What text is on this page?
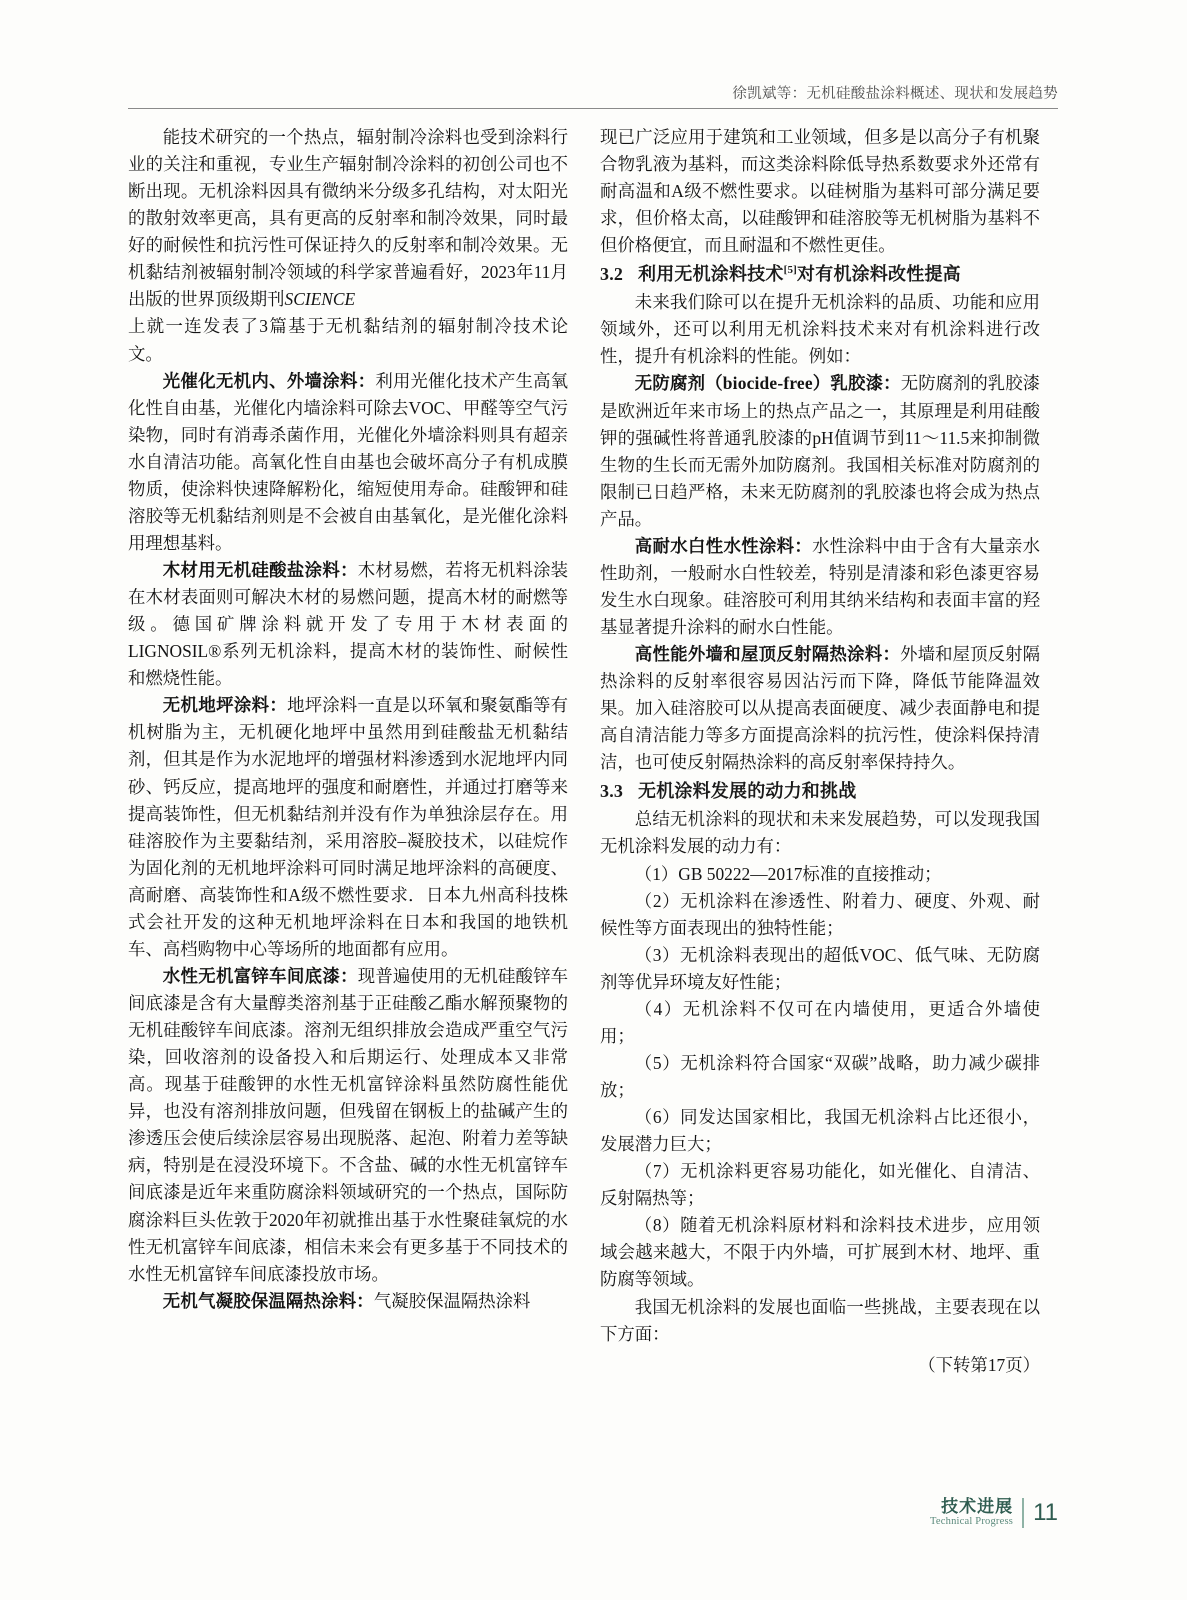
徐凯斌等：无机硅酸盐涂料概述、现状和发展趋势

能技术研究的一个热点，辐射制冷涂料也受到涂料行业的关注和重视，专业生产辐射制冷涂料的初创公司也不断出现。无机涂料因具有微纳米分级多孔结构，对太阳光的散射效率更高，具有更高的反射率和制冷效果，同时最好的耐候性和抗污性可保证持久的反射率和制冷效果。无机黏结剂被辐射制冷领域的科学家普遍看好，2023年11月出版的世界顶级期刊SCIENCE

上就一连发表了3篇基于无机黏结剂的辐射制冷技术论文。

光催化无机内、外墙涂料：利用光催化技术产生高氧化性自由基，光催化内墙涂料可除去VOC、甲醛等空气污染物，同时有消毒杀菌作用，光催化外墙涂料则具有超亲水自清洁功能。高氧化性自由基也会破坏高分子有机成膜物质，使涂料快速降解粉化，缩短使用寿命。硅酸钾和硅溶胶等无机黏结剂则是不会被自由基氧化，是光催化涂料用理想基料。

木材用无机硅酸盐涂料：木材易燃，若将无机料涂装在木材表面则可解决木材的易燃问题，提高木材的耐燃等级。德国矿牌涂料就开发了专用于木材表面的LIGNOSIL®系列无机涂料，提高木材的装饰性、耐候性和燃烧性能。

无机地坪涂料：地坪涂料一直是以环氧和聚氨酯等有机树脂为主，无机硬化地坪中虽然用到硅酸盐无机黏结剂，但其是作为水泥地坪的增强材料渗透到水泥地坪内同砂、钙反应，提高地坪的强度和耐磨性，并通过打磨等来提高装饰性，但无机黏结剂并没有作为单独涂层存在。用硅溶胶作为主要黏结剂，采用溶胶–凝胶技术，以硅烷作为固化剂的无机地坪涂料可同时满足地坪涂料的高硬度、高耐磨、高装饰性和A级不燃性要求．日本九州高科技株式会社开发的这种无机地坪涂料在日本和我国的地铁机车、高档购物中心等场所的地面都有应用。

水性无机富锌车间底漆：现普遍使用的无机硅酸锌车间底漆是含有大量醇类溶剂基于正硅酸乙酯水解预聚物的无机硅酸锌车间底漆。溶剂无组织排放会造成严重空气污染，回收溶剂的设备投入和后期运行、处理成本又非常高。现基于硅酸钾的水性无机富锌涂料虽然防腐性能优异，也没有溶剂排放问题，但残留在钢板上的盐碱产生的渗透压会使后续涂层容易出现脱落、起泡、附着力差等缺病，特别是在浸没环境下。不含盐、碱的水性无机富锌车间底漆是近年来重防腐涂料领域研究的一个热点，国际防腐涂料巨头佐敦于2020年初就推出基于水性聚硅氧烷的水性无机富锌车间底漆，相信未来会有更多基于不同技术的水性无机富锌车间底漆投放市场。

无机气凝胶保温隔热涂料：气凝胶保温隔热涂料

现已广泛应用于建筑和工业领域，但多是以高分子有机聚合物乳液为基料，而这类涂料除低导热系数要求外还常有耐高温和A级不燃性要求。以硅树脂为基料可部分满足要求，但价格太高，以硅酸钾和硅溶胶等无机树脂为基料不但价格便宜，而且耐温和不燃性更佳。

3.2 利用无机涂料技术[5]对有机涂料改性提高

未来我们除可以在提升无机涂料的品质、功能和应用领域外，还可以利用无机涂料技术来对有机涂料进行改性，提升有机涂料的性能。例如：

无防腐剂（biocide-free）乳胶漆：无防腐剂的乳胶漆是欧洲近年来市场上的热点产品之一，其原理是利用硅酸钾的强碱性将普通乳胶漆的pH值调节到11～11.5来抑制微生物的生长而无需外加防腐剂。我国相关标准对防腐剂的限制已日趋严格，未来无防腐剂的乳胶漆也将会成为热点产品。

高耐水白性水性涂料：水性涂料中由于含有大量亲水性助剂，一般耐水白性较差，特别是清漆和彩色漆更容易发生水白现象。硅溶胶可利用其纳米结构和表面丰富的羟基显著提升涂料的耐水白性能。

高性能外墙和屋顶反射隔热涂料：外墙和屋顶反射隔热涂料的反射率很容易因沾污而下降，降低节能降温效果。加入硅溶胶可以从提高表面硬度、减少表面静电和提高自清洁能力等多方面提高涂料的抗污性，使涂料保持清洁，也可使反射隔热涂料的高反射率保持持久。

3.3 无机涂料发展的动力和挑战

总结无机涂料的现状和未来发展趋势，可以发现我国无机涂料发展的动力有：

（1）GB 50222—2017标准的直接推动；

（2）无机涂料在渗透性、附着力、硬度、外观、耐候性等方面表现出的独特性能；

（3）无机涂料表现出的超低VOC、低气味、无防腐剂等优异环境友好性能；

（4）无机涂料不仅可在内墙使用，更适合外墙使用；

（5）无机涂料符合国家“双碳”战略，助力减少碳排放；

（6）同发达国家相比，我国无机涂料占比还很小，发展潜力巨大；

（7）无机涂料更容易功能化，如光催化、自清洁、反射隔热等；

（8）随着无机涂料原材料和涂料技术进步，应用领域会越来越大，不限于内外墙，可扩展到木材、地坪、重防腐等领域。

我国无机涂料的发展也面临一些挑战，主要表现在以下方面：

（下转第17页）

技术进展
Technical Progress 11
